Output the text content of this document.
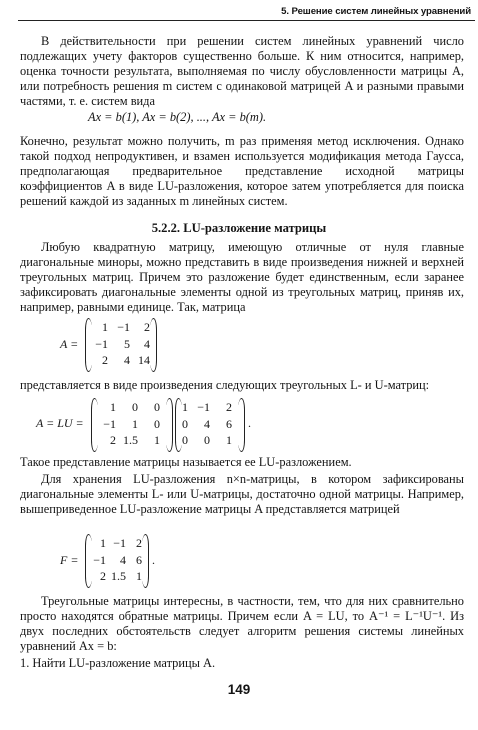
5. Решение систем линейных уравнений
В действительности при решении систем линейных уравнений число подлежащих учету факторов существенно больше. К ним относится, например, оценка точности результата, выполняемая по числу обусловленности матрицы A, или потребность решения m систем с одинаковой матрицей A и разными правыми частями, т. е. систем вида
Ax = b(1), Ax = b(2), ..., Ax = b(m).
Конечно, результат можно получить, m раз применяя метод исключения. Однако такой подход непродуктивен, и взамен используется модификация метода Гаусса, предполагающая предварительное представление исходной матрицы коэффициентов A в виде LU-разложения, которое затем употребляется для поиска решений каждой из заданных m линейных систем.
5.2.2. LU-разложение матрицы
Любую квадратную матрицу, имеющую отличные от нуля главные диагональные миноры, можно представить в виде произведения нижней и верхней треугольных матриц. Причем это разложение будет единственным, если заранее зафиксировать диагональные элементы одной из треугольных матриц, приняв их, например, равными единице. Так, матрица
A =
1 −1	2
−1	5	4
2	4 14
представляется в виде произведения следующих треугольных L- и U-матриц:
A = LU =
1	0	0
−1	1	0
2 1.5	1
1 −1	2
0	4	6
0	0	1
.
Такое представление матрицы называется ее LU-разложением.
Для хранения LU-разложения n×n-матрицы, в котором зафиксированы диагональные элементы L- или U-матрицы, достаточно одной матрицы. Например, вышеприведенное LU-разложение матрицы A представляется матрицей
F =
1 −1 2
−1	4 6
2 1.5 1
.
Треугольные матрицы интересны, в частности, тем, что для них сравнительно просто находятся обратные матрицы. Причем если A = LU, то A⁻¹ = L⁻¹U⁻¹. Из двух последних обстоятельств следует алгоритм решения системы линейных уравнений Ax = b:
1. Найти LU-разложение матрицы A.
149
